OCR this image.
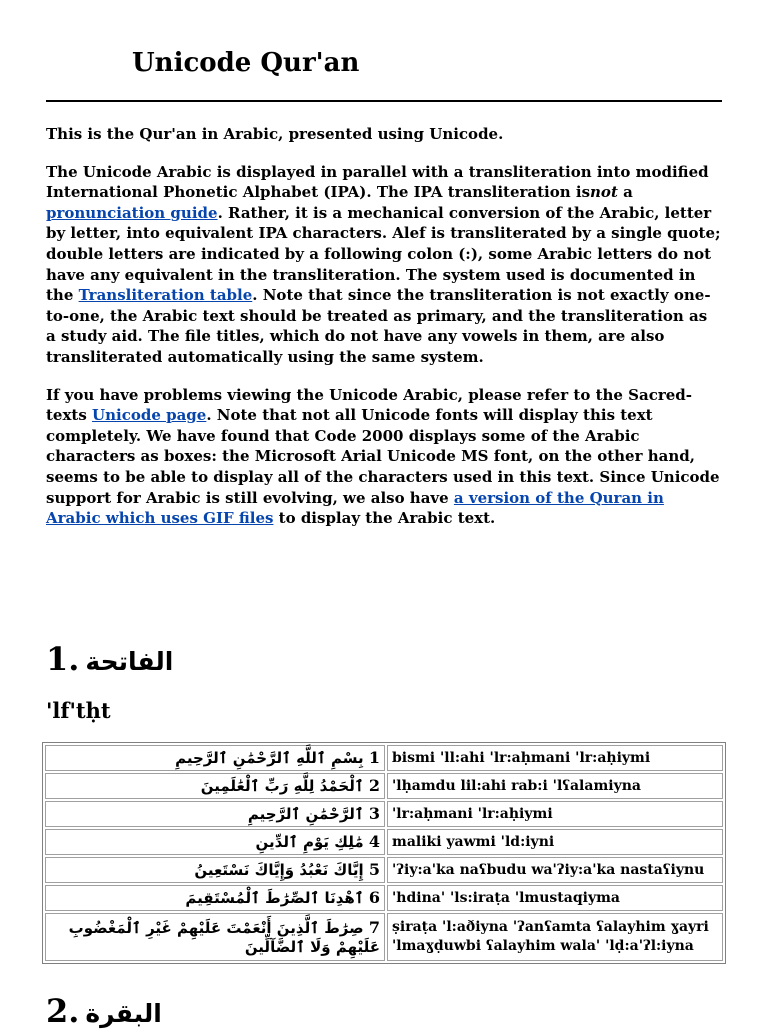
Unicode Qur'an

This is the Qur'an in Arabic, presented using Unicode.

The Unicode Arabic is displayed in parallel with a transliteration into modified International Phonetic Alphabet (IPA). The IPA transliteration isnot a pronunciation guide. Rather, it is a mechanical conversion of the Arabic, letter by letter, into equivalent IPA characters. Alef is transliterated by a single quote; double letters are indicated by a following colon (:), some Arabic letters do not have any equivalent in the transliteration. The system used is documented in the Transliteration table. Note that since the transliteration is not exactly one-to-one, the Arabic text should be treated as primary, and the transliteration as a study aid. The file titles, which do not have any vowels in them, are also transliterated automatically using the same system.

If you have problems viewing the Unicode Arabic, please refer to the Sacred-texts Unicode page. Note that not all Unicode fonts will display this text completely. We have found that Code 2000 displays some of the Arabic characters as boxes: the Microsoft Arial Unicode MS font, on the other hand, seems to be able to display all of the characters used in this text. Since Unicode support for Arabic is still evolving, we also have a version of the Quran in Arabic which uses GIF files to display the Arabic text.

1. الفاتحة
'lf'tḥt
1 بِسْمِ ٱللَّهِ ٱلرَّحْمَٰنِ ٱلرَّحِيمِ	bismi 'll:ahi 'lr:aḥmani 'lr:aḥiymi
2 ٱلْحَمْدُ لِلَّهِ رَبِّ ٱلْعَٰلَمِينَ	'lḥamdu lil:ahi rab:i 'lʕalamiyna
3 ٱلرَّحْمَٰنِ ٱلرَّحِيمِ	'lr:aḥmani 'lr:aḥiymi
4 مَٰلِكِ يَوْمِ ٱلدِّينِ	maliki yawmi 'ld:iyni
5 إِيَّاكَ نَعْبُدُ وَإِيَّاكَ نَسْتَعِينُ	'ʔiy:a'ka naʕbudu wa'ʔiy:a'ka nastaʕiynu
6 ٱهْدِنَا ٱلصِّرَٰطَ ٱلْمُسْتَقِيمَ	'hdina' 'ls:iraṭa 'lmustaqiyma
7 صِرَٰطَ ٱلَّذِينَ أَنْعَمْتَ عَلَيْهِمْ غَيْرِ ٱلْمَغْضُوبِ عَلَيْهِمْ وَلَا ٱلضَّآلِّينَ	ṣiraṭa 'l:aðiyna 'ʔanʕamta ʕalayhim ɣayri 'lmaɣḍuwbi ʕalayhim wala' 'lḍ:a'ʔl:iyna
2. البقرة
